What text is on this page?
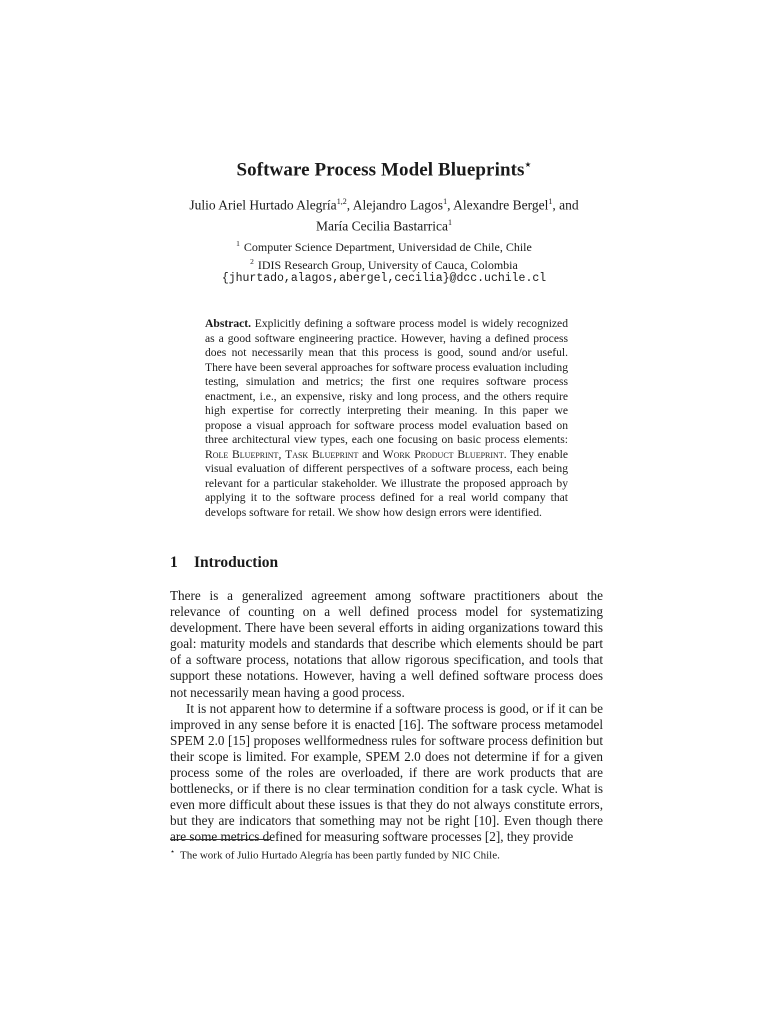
Software Process Model Blueprints⋆
Julio Ariel Hurtado Alegría$^{1,2}$, Alejandro Lagos$^1$, Alexandre Bergel$^1$, and
María Cecilia Bastarrica$^1$
$^1$ Computer Science Department, Universidad de Chile, Chile
$^2$ IDIS Research Group, University of Cauca, Colombia
{jhurtado,alagos,abergel,cecilia}@dcc.uchile.cl

Abstract. Explicitly defining a software process model is widely recognized as a good software engineering practice. However, having a defined process does not necessarily mean that this process is good, sound and/or useful. There have been several approaches for software process evaluation including testing, simulation and metrics; the first one requires software process enactment, i.e., an expensive, risky and long process, and the others require high expertise for correctly interpreting their meaning. In this paper we propose a visual approach for software process model evaluation based on three architectural view types, each one focusing on basic process elements: Role Blueprint, Task Blueprint and Work Product Blueprint. They enable visual evaluation of different perspectives of a software process, each being relevant for a particular stakeholder. We illustrate the proposed approach by applying it to the software process defined for a real world company that develops software for retail. We show how design errors were identified.

1 Introduction

There is a generalized agreement among software practitioners about the relevance of counting on a well defined process model for systematizing development. There have been several efforts in aiding organizations toward this goal: maturity models and standards that describe which elements should be part of a software process, notations that allow rigorous specification, and tools that support these notations. However, having a well defined software process does not necessarily mean having a good process.

It is not apparent how to determine if a software process is good, or if it can be improved in any sense before it is enacted [16]. The software process metamodel SPEM 2.0 [15] proposes wellformedness rules for software process definition but their scope is limited. For example, SPEM 2.0 does not determine if for a given process some of the roles are overloaded, if there are work products that are bottlenecks, or if there is no clear termination condition for a task cycle. What is even more difficult about these issues is that they do not always constitute errors, but they are indicators that something may not be right [10]. Even though there are some metrics defined for measuring software processes [2], they provide

⋆ The work of Julio Hurtado Alegría has been partly funded by NIC Chile.
